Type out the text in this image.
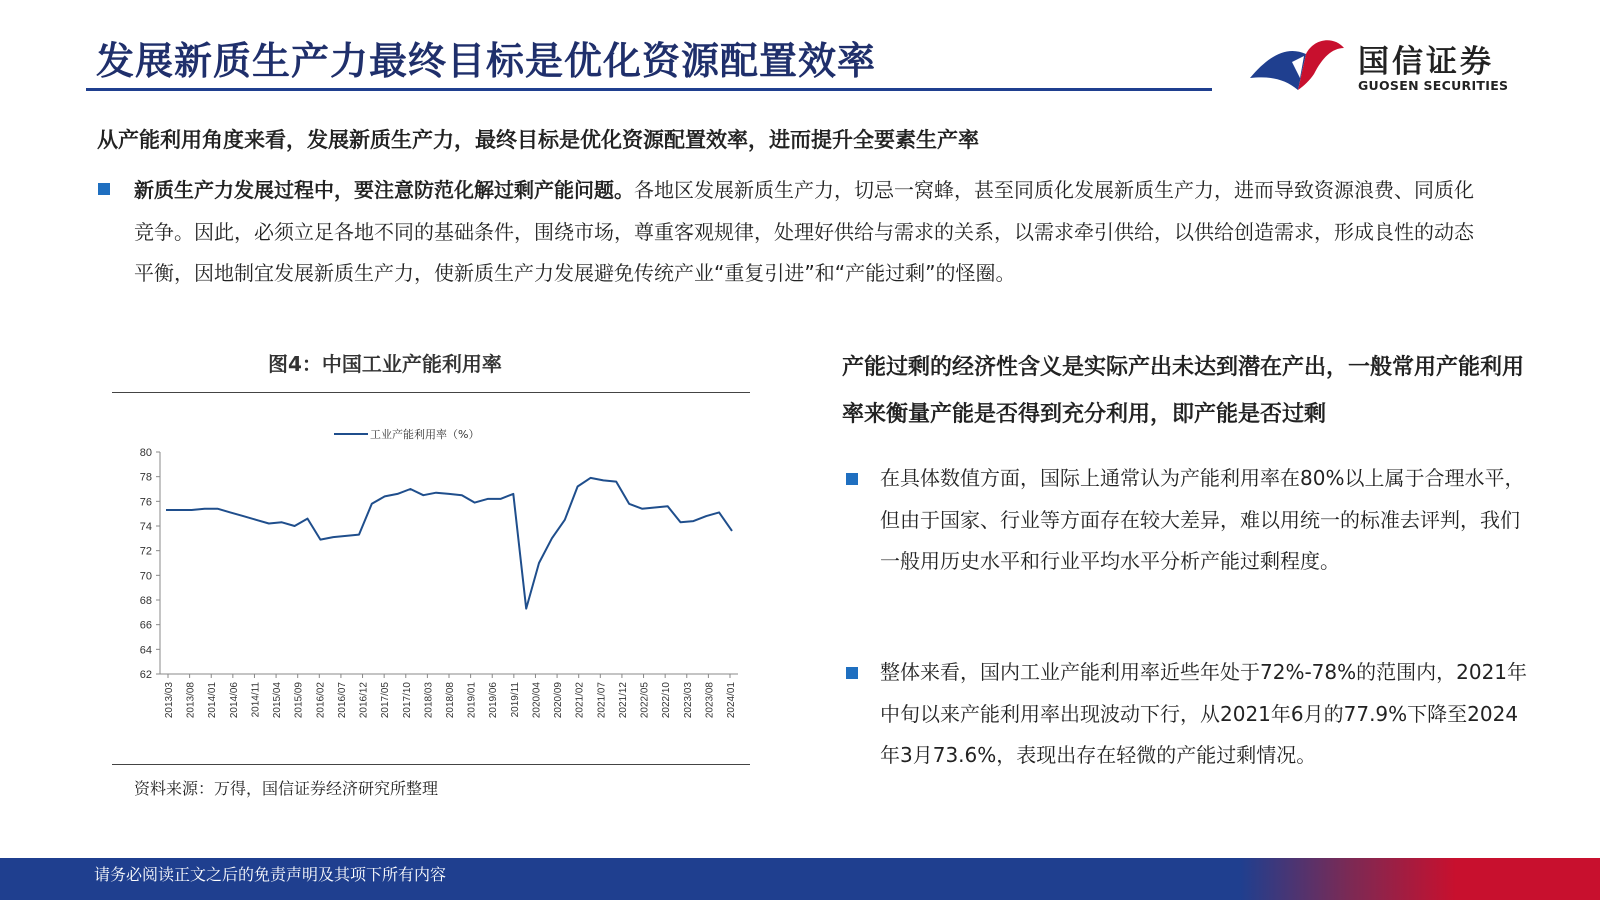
发展新质生产力最终目标是优化资源配置效率	国信证券
GUOSEN SECURITIES
从产能利用角度来看，发展新质生产力，最终目标是优化资源配置效率，进而提升全要素生产率
新质生产力发展过程中，要注意防范化解过剩产能问题。各地区发展新质生产力，切忌一窝蜂，甚至同质化发展新质生产力，进而导致资源浪费、同质化竞争。因此，必须立足各地不同的基础条件，围绕市场，尊重客观规律，处理好供给与需求的关系，以需求牵引供给，以供给创造需求，形成良性的动态平衡，因地制宜发展新质生产力，使新质生产力发展避免传统产业“重复引进”和“产能过剩”的怪圈。
图4：中国工业产能利用率
62
64
66
68
70
72
74
76
78
80
2013/03 2013/08 2014/01 2014/06 2014/11 2015/04 2015/09 2016/02 2016/07 2016/12 2017/05 2017/10 2018/03 2018/08 2019/01 2019/06 2019/11 2020/04 2020/09 2021/02 2021/07 2021/12 2022/05 2022/10 2023/03 2023/08 2024/01
工业产能利用率（%）
资料来源：万得，国信证券经济研究所整理
产能过剩的经济性含义是实际产出未达到潜在产出，一般常用产能利用率来衡量产能是否得到充分利用，即产能是否过剩
在具体数值方面，国际上通常认为产能利用率在80%以上属于合理水平，但由于国家、行业等方面存在较大差异，难以用统一的标准去评判，我们一般用历史水平和行业平均水平分析产能过剩程度。
整体来看，国内工业产能利用率近些年处于72%-78%的范围内，2021年中旬以来产能利用率出现波动下行，从2021年6月的77.9%下降至2024年3月73.6%，表现出存在轻微的产能过剩情况。
请务必阅读正文之后的免责声明及其项下所有内容
